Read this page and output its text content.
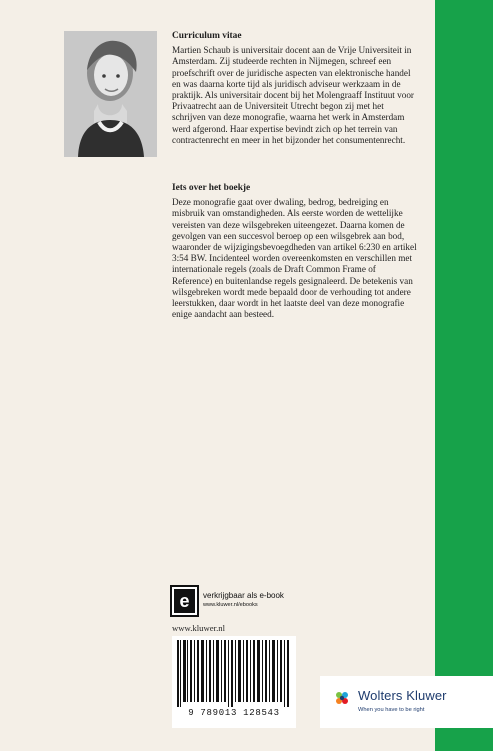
Curriculum vitae

Martien Schaub is universitair docent aan de Vrije Universiteit in Amsterdam. Zij studeerde rechten in Nijmegen, schreef een proefschrift over de juridische aspecten van elektronische handel en was daarna korte tijd als juridisch adviseur werkzaam in de praktijk. Als universitair docent bij het Molengraaff Instituut voor Privaatrecht aan de Universiteit Utrecht begon zij met het schrijven van deze monografie, waarna het werk in Amsterdam werd afgerond. Haar expertise bevindt zich op het terrein van contractenrecht en meer in het bijzonder het consumentenrecht.

Iets over het boekje

Deze monografie gaat over dwaling, bedrog, bedreiging en misbruik van omstandigheden. Als eerste worden de wettelijke vereisten van deze wilsgebreken uiteengezet. Daarna komen de gevolgen van een succesvol beroep op een wilsgebrek aan bod, waaronder de wijzigingsbevoegdheden van artikel 6:230 en artikel 3:54 BW. Incidenteel worden overeenkomsten en verschillen met internationale regels (zoals de Draft Common Frame of Reference) en buitenlandse regels gesignaleerd. De betekenis van wilsgebreken wordt mede bepaald door de verhouding tot andere leerstukken, daar wordt in het laatste deel van deze monografie enige aandacht aan besteed.

e	verkrijgbaar als e-book
www.kluwer.nl/ebooks
www.kluwer.nl
9 789013 128543
Wolters Kluwer
When you have to be right
